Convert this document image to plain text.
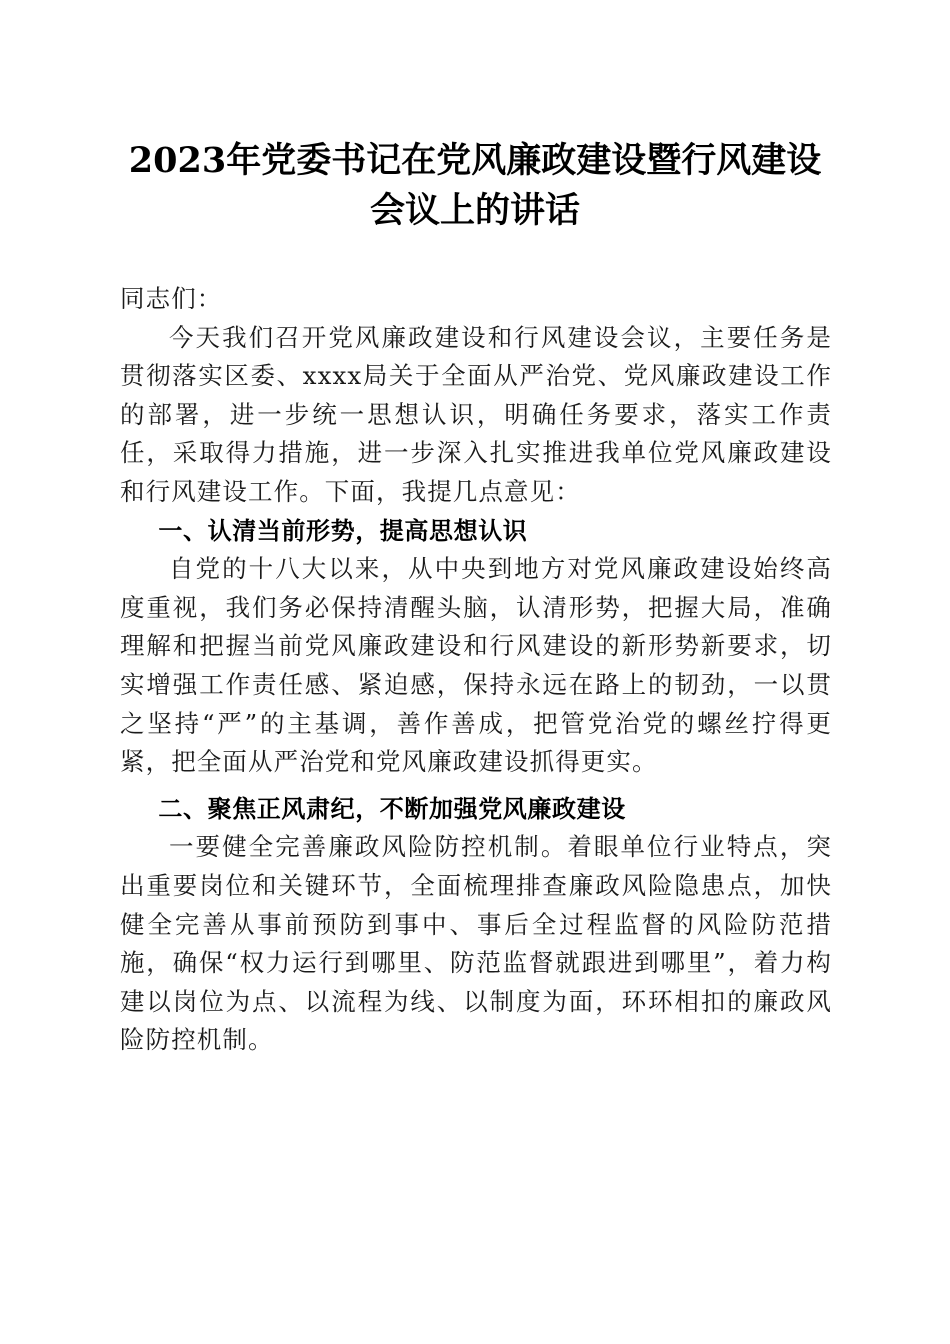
2023年党委书记在党风廉政建设暨行风建设
会议上的讲话

同志们：

今天我们召开党风廉政建设和行风建设会议，主要任务是贯彻落实区委、xxxx局关于全面从严治党、党风廉政建设工作的部署，进一步统一思想认识，明确任务要求，落实工作责任，采取得力措施，进一步深入扎实推进我单位党风廉政建设和行风建设工作。下面，我提几点意见：

一、认清当前形势，提高思想认识

自党的十八大以来，从中央到地方对党风廉政建设始终高度重视，我们务必保持清醒头脑，认清形势，把握大局，准确理解和把握当前党风廉政建设和行风建设的新形势新要求，切实增强工作责任感、紧迫感，保持永远在路上的韧劲，一以贯之坚持“严”的主基调，善作善成，把管党治党的螺丝拧得更紧，把全面从严治党和党风廉政建设抓得更实。

二、聚焦正风肃纪，不断加强党风廉政建设

一要健全完善廉政风险防控机制。着眼单位行业特点，突出重要岗位和关键环节，全面梳理排查廉政风险隐患点，加快健全完善从事前预防到事中、事后全过程监督的风险防范措施，确保“权力运行到哪里、防范监督就跟进到哪里”，着力构建以岗位为点、以流程为线、以制度为面，环环相扣的廉政风险防控机制。
